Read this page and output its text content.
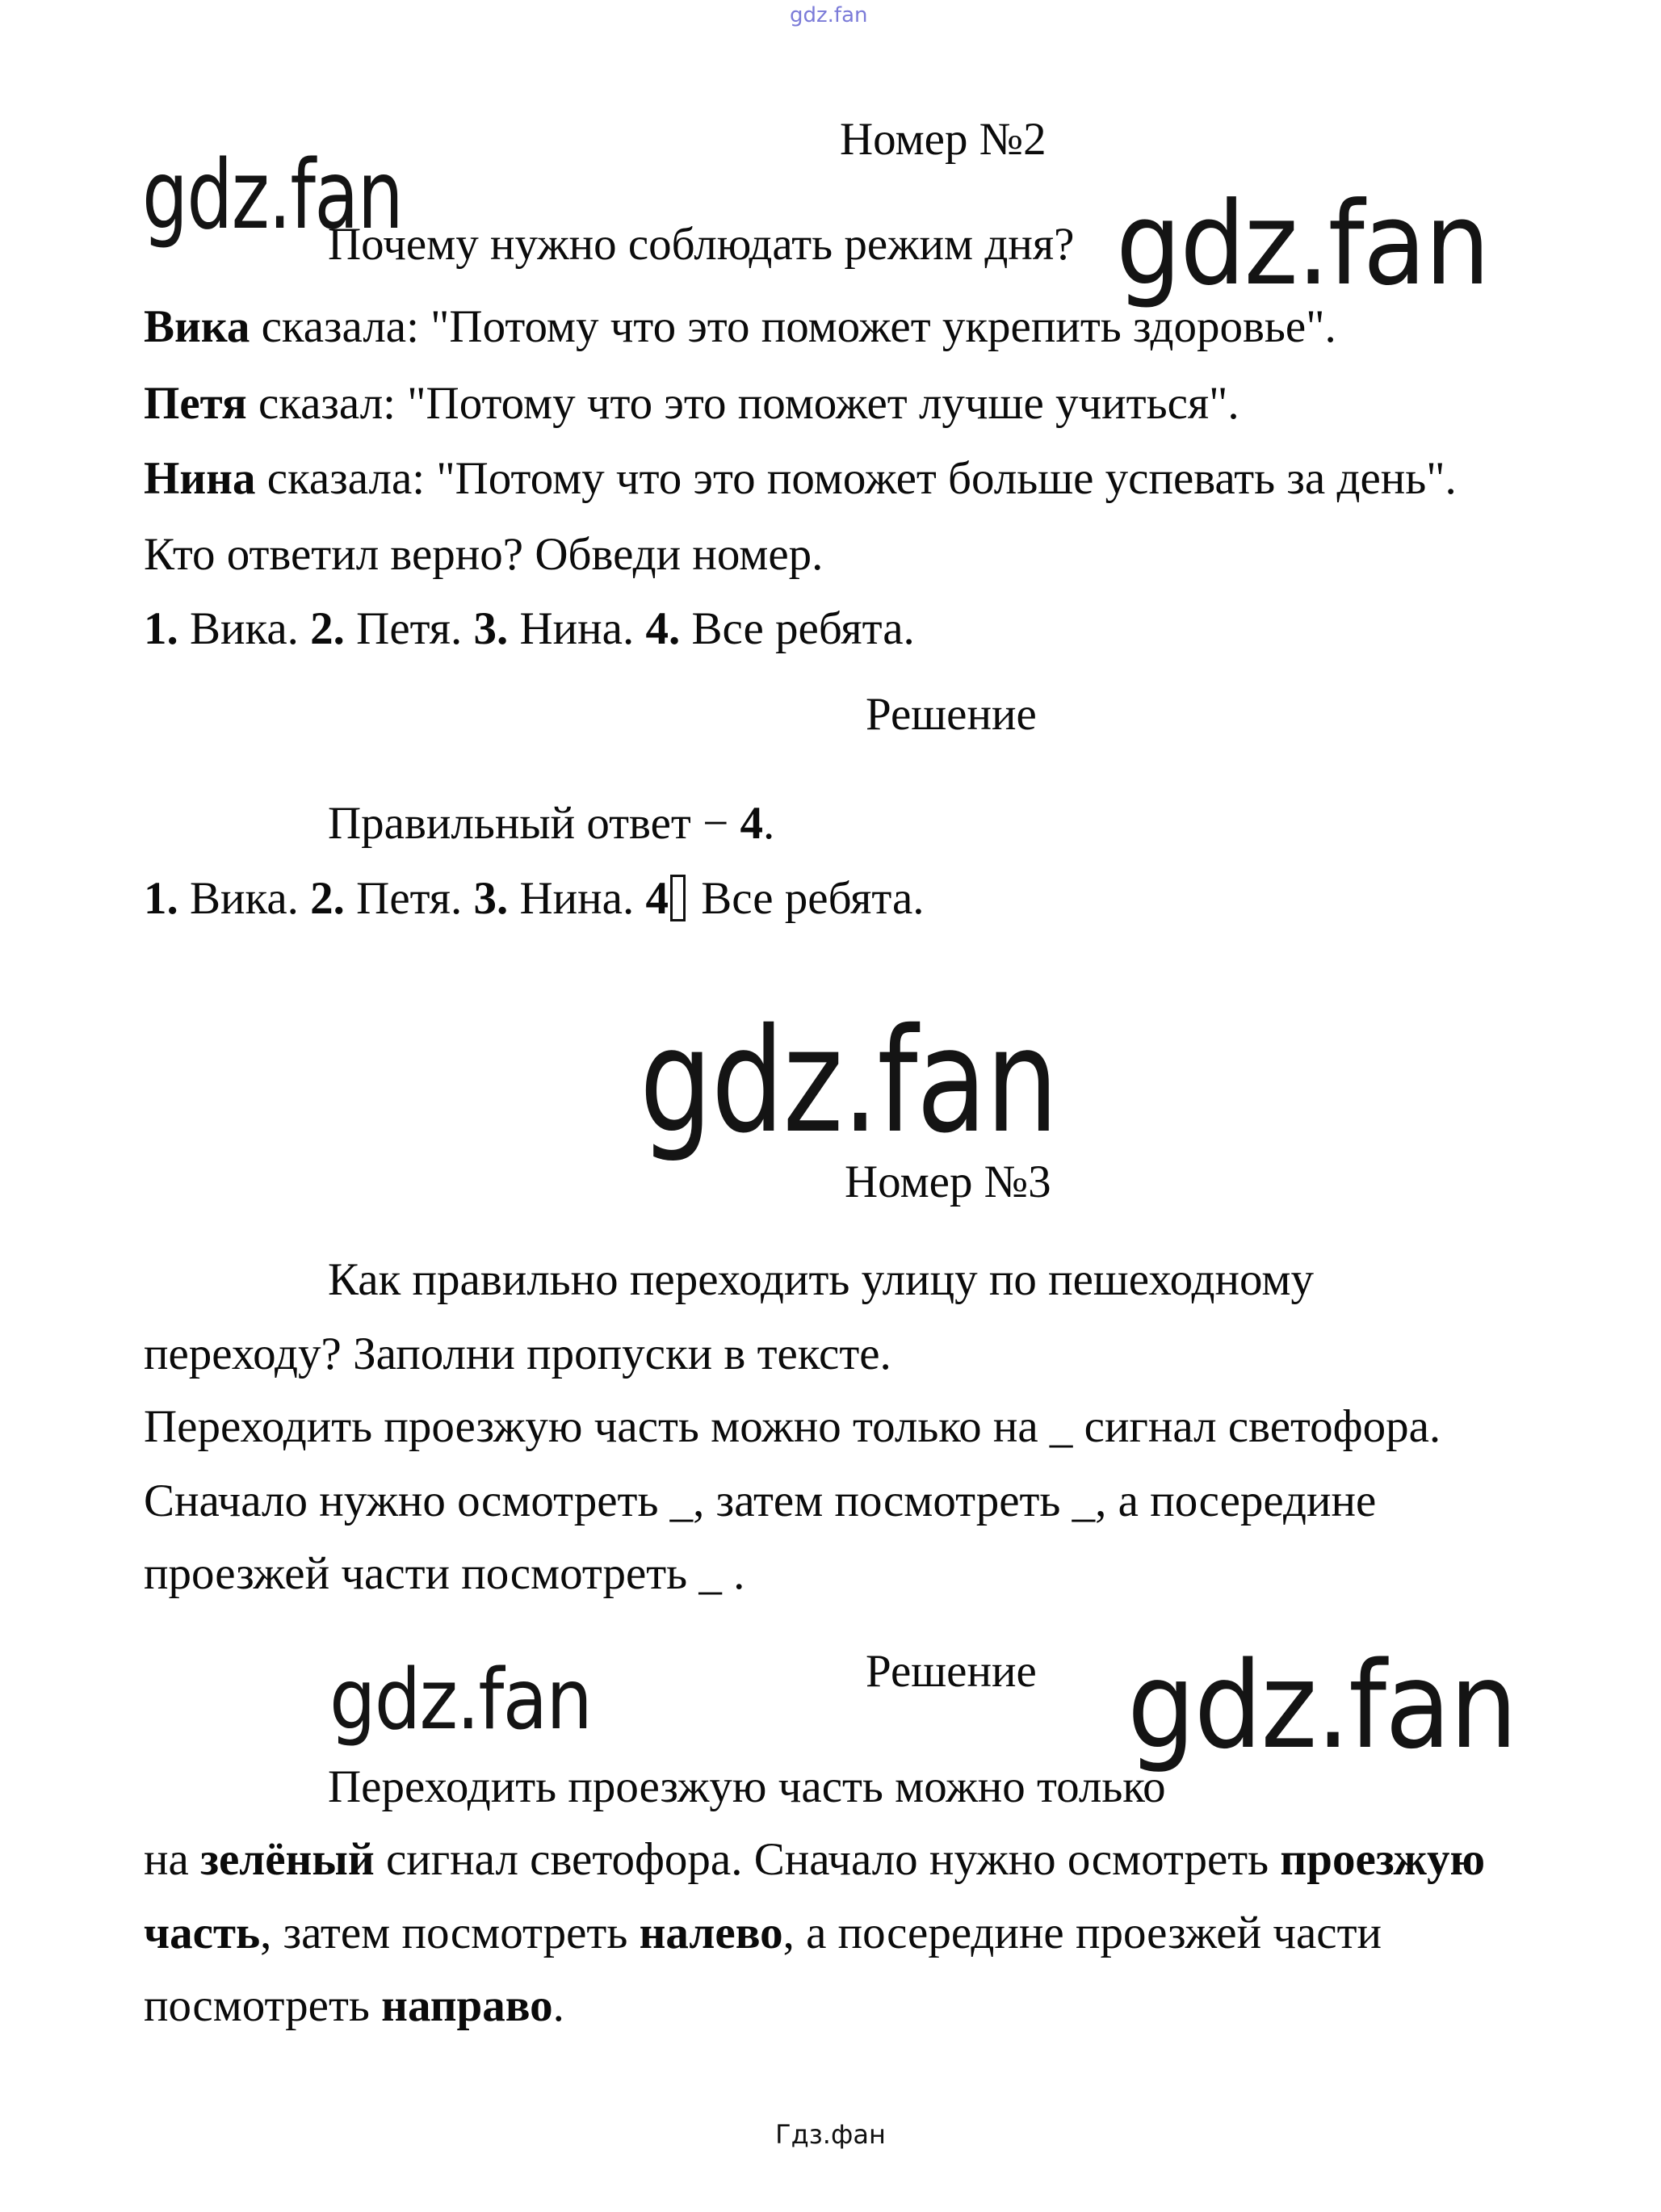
gdz.fan
gdz.fan	gdz.fan
gdz.fan
gdz.fan	gdz.fan
Номер №2
Почему нужно соблюдать режим дня?
Вика сказала: "Потому что это поможет укрепить здоровье".
Петя сказал: "Потому что это поможет лучше учиться".
Нина сказала: "Потому что это поможет больше успевать за день".
Кто ответил верно? Обведи номер.
1. Вика. 2. Петя. 3. Нина. 4. Все ребята.
Решение
Правильный ответ − 4.
1. Вика. 2. Петя. 3. Нина. 4 Все ребята.
Номер №3
Как правильно переходить улицу по пешеходному
переходу? Заполни пропуски в тексте.
Переходить проезжую часть можно только на _ сигнал светофора.
Сначало нужно осмотреть _, затем посмотреть _, а посередине
проезжей части посмотреть _ .
Решение
Переходить проезжую часть можно только
на зелёный сигнал светофора. Сначало нужно осмотреть проезжую
часть, затем посмотреть налево, а посередине проезжей части
посмотреть направо.
Гдз.фан
